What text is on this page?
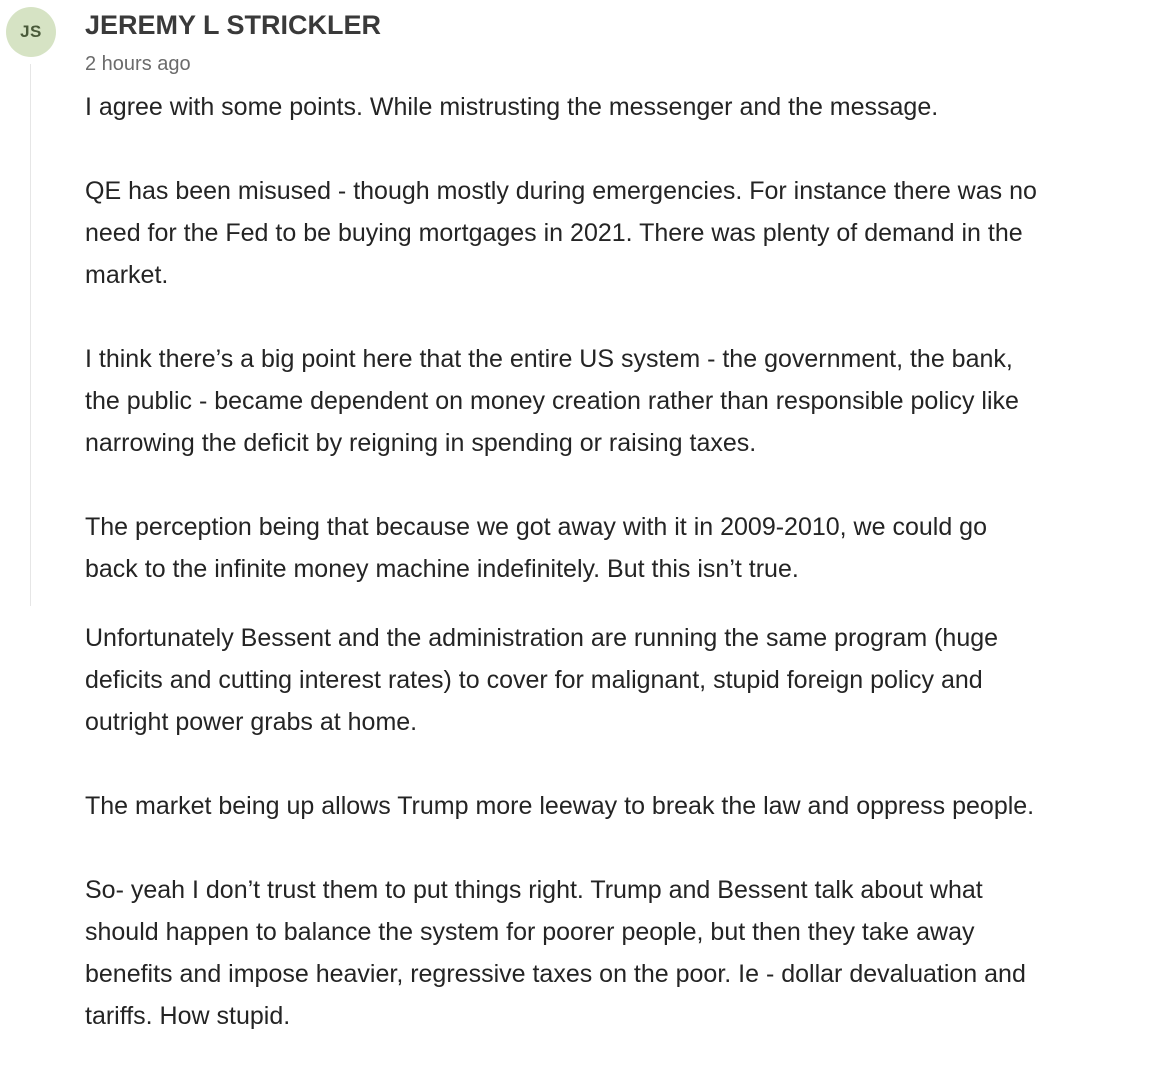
JS	JEREMY L STRICKLER
2 hours ago

I agree with some points. While mistrusting the messenger and the message.

QE has been misused - though mostly during emergencies. For instance there was no
need for the Fed to be buying mortgages in 2021. There was plenty of demand in the
market.

I think there’s a big point here that the entire US system - the government, the bank,
the public - became dependent on money creation rather than responsible policy like
narrowing the deficit by reigning in spending or raising taxes.

The perception being that because we got away with it in 2009-2010, we could go
back to the infinite money machine indefinitely. But this isn’t true.

Unfortunately Bessent and the administration are running the same program (huge
deficits and cutting interest rates) to cover for malignant, stupid foreign policy and
outright power grabs at home.

The market being up allows Trump more leeway to break the law and oppress people.

So- yeah I don’t trust them to put things right. Trump and Bessent talk about what
should happen to balance the system for poorer people, but then they take away
benefits and impose heavier, regressive taxes on the poor. Ie - dollar devaluation and
tariffs. How stupid.
